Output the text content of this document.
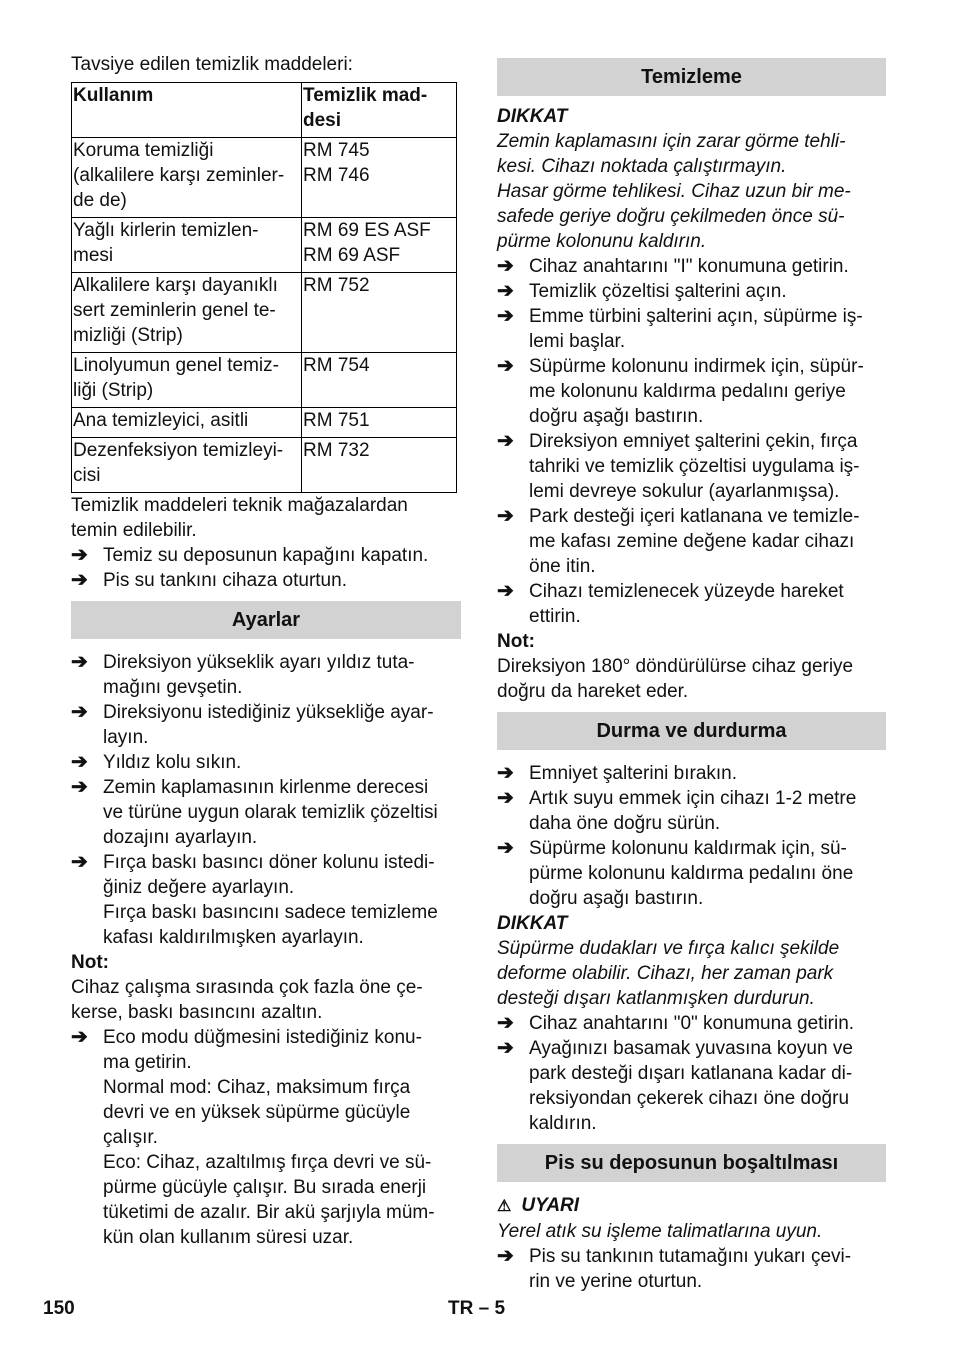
Tavsiye edilen temizlik maddeleri:

Kullanım	Temizlik mad-
desi
Koruma temizliği
(alkalilere karşı zeminler-
de de)	RM 745
RM 746
Yağlı kirlerin temizlen-
mesi	RM 69 ES ASF
RM 69 ASF
Alkalilere karşı dayanıklı
sert zeminlerin genel te-
mizliği (Strip)	RM 752
Linolyumun genel temiz-
liği (Strip)	RM 754
Ana temizleyici, asitli	RM 751
Dezenfeksiyon temizleyi-
cisi	RM 732

Temizlik maddeleri teknik mağazalardan
temin edilebilir.

➔ Temiz su deposunun kapağını kapatın.
➔ Pis su tankını cihaza oturtun.
Ayarlar
➔ Direksiyon yükseklik ayarı yıldız tuta-
mağını gevşetin.
➔ Direksiyonu istediğiniz yüksekliğe ayar-
layın.
➔ Yıldız kolu sıkın.
➔ Zemin kaplamasının kirlenme derecesi
ve türüne uygun olarak temizlik çözeltisi
dozajını ayarlayın.
➔ Fırça baskı basıncı döner kolunu istedi-
ğiniz değere ayarlayın.

Fırça baskı basıncını sadece temizleme
kafası kaldırılmışken ayarlayın.

Not:

Cihaz çalışma sırasında çok fazla öne çe-
kerse, baskı basıncını azaltın.

➔ Eco modu düğmesini istediğiniz konu-
ma getirin.

Normal mod: Cihaz, maksimum fırça
devri ve en yüksek süpürme gücüyle
çalışır.

Eco: Cihaz, azaltılmış fırça devri ve sü-
pürme gücüyle çalışır. Bu sırada enerji
tüketimi de azalır. Bir akü şarjıyla müm-
kün olan kullanım süresi uzar.

Temizleme

DIKKAT

Zemin kaplamasını için zarar görme tehli-
kesi. Cihazı noktada çalıştırmayın.
Hasar görme tehlikesi. Cihaz uzun bir me-
safede geriye doğru çekilmeden önce sü-
pürme kolonunu kaldırın.

➔ Cihaz anahtarını "I" konumuna getirin.
➔ Temizlik çözeltisi şalterini açın.
➔ Emme türbini şalterini açın, süpürme iş-
lemi başlar.
➔ Süpürme kolonunu indirmek için, süpür-
me kolonunu kaldırma pedalını geriye
doğru aşağı bastırın.
➔ Direksiyon emniyet şalterini çekin, fırça
tahriki ve temizlik çözeltisi uygulama iş-
lemi devreye sokulur (ayarlanmışsa).
➔ Park desteği içeri katlanana ve temizle-
me kafası zemine değene kadar cihazı
öne itin.
➔ Cihazı temizlenecek yüzeyde hareket
ettirin.

Not:

Direksiyon 180° döndürülürse cihaz geriye
doğru da hareket eder.

Durma ve durdurma
➔ Emniyet şalterini bırakın.
➔ Artık suyu emmek için cihazı 1-2 metre
daha öne doğru sürün.
➔ Süpürme kolonunu kaldırmak için, sü-
pürme kolonunu kaldırma pedalını öne
doğru aşağı bastırın.

DIKKAT

Süpürme dudakları ve fırça kalıcı şekilde
deforme olabilir. Cihazı, her zaman park
desteği dışarı katlanmışken durdurun.

➔ Cihaz anahtarını "0" konumuna getirin.
➔ Ayağınızı basamak yuvasına koyun ve
park desteği dışarı katlanana kadar di-
reksiyondan çekerek cihazı öne doğru
kaldırın.
Pis su deposunun boşaltılması

⚠ UYARI

Yerel atık su işleme talimatlarına uyun.

➔ Pis su tankının tutamağını yukarı çevi-
rin ve yerine oturtun.
150	TR – 5
